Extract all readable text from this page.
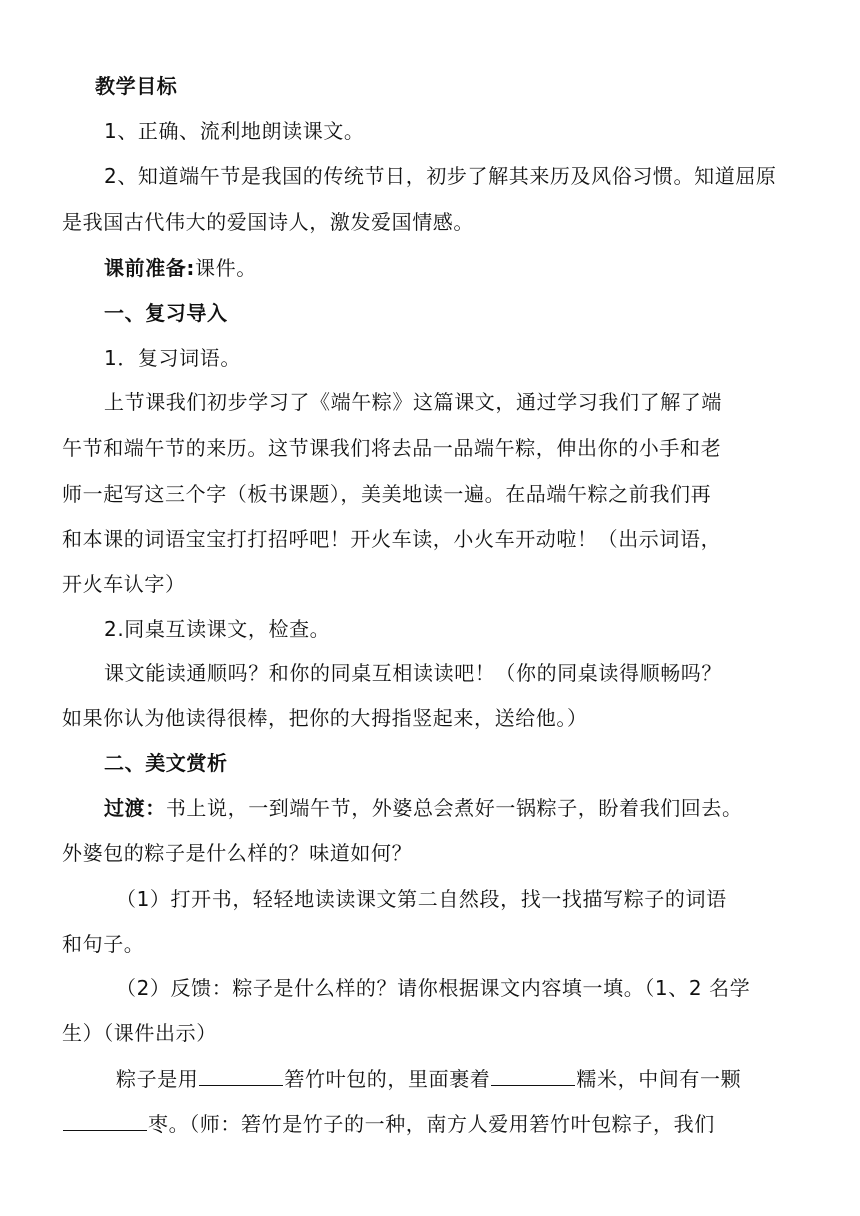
教学目标
1、正确、流利地朗读课文。
2、知道端午节是我国的传统节日，初步了解其来历及风俗习惯。知道屈原
是我国古代伟大的爱国诗人，激发爱国情感。
课前准备:课件。
一、复习导入
1．复习词语。
上节课我们初步学习了《端午粽》这篇课文，通过学习我们了解了端
午节和端午节的来历。这节课我们将去品一品端午粽，伸出你的小手和老
师一起写这三个字（板书课题），美美地读一遍。在品端午粽之前我们再
和本课的词语宝宝打打招呼吧！开火车读，小火车开动啦！（出示词语，
开火车认字）
2.同桌互读课文，检查。
课文能读通顺吗？和你的同桌互相读读吧！（你的同桌读得顺畅吗？
如果你认为他读得很棒，把你的大拇指竖起来，送给他。）
二、美文赏析
过渡：书上说，一到端午节，外婆总会煮好一锅粽子，盼着我们回去。
外婆包的粽子是什么样的？味道如何？
（1）打开书，轻轻地读读课文第二自然段，找一找描写粽子的词语
和句子。
（2）反馈：粽子是什么样的？请你根据课文内容填一填。（1、2 名学
生）（课件出示）
粽子是用	箬竹叶包的，里面裹着	糯米，中间有一颗
枣。（师：箬竹是竹子的一种，南方人爱用箬竹叶包粽子，我们
